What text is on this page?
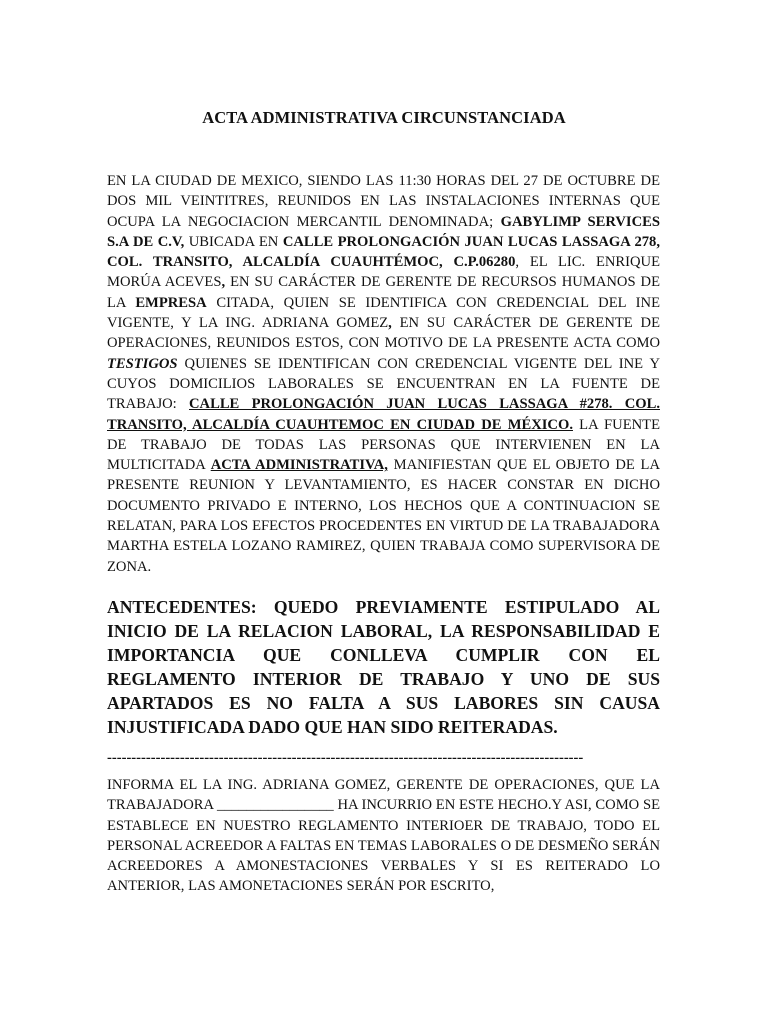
ACTA ADMINISTRATIVA CIRCUNSTANCIADA
EN LA CIUDAD DE MEXICO, SIENDO LAS 11:30 HORAS DEL 27 DE OCTUBRE DE DOS MIL VEINTITRES, REUNIDOS EN LAS INSTALACIONES INTERNAS QUE OCUPA LA NEGOCIACION MERCANTIL DENOMINADA; GABYLIMP SERVICES S.A DE C.V, UBICADA EN CALLE PROLONGACIÓN JUAN LUCAS LASSAGA 278, COL. TRANSITO, ALCALDÍA CUAUHTÉMOC, C.P.06280, EL LIC. ENRIQUE MORÚA ACEVES, EN SU CARÁCTER DE GERENTE DE RECURSOS HUMANOS DE LA EMPRESA CITADA, QUIEN SE IDENTIFICA CON CREDENCIAL DEL INE VIGENTE, Y LA ING. ADRIANA GOMEZ, EN SU CARÁCTER DE GERENTE DE OPERACIONES, REUNIDOS ESTOS, CON MOTIVO DE LA PRESENTE ACTA COMO TESTIGOS QUIENES SE IDENTIFICAN CON CREDENCIAL VIGENTE DEL INE Y CUYOS DOMICILIOS LABORALES SE ENCUENTRAN EN LA FUENTE DE TRABAJO: CALLE PROLONGACIÓN JUAN LUCAS LASSAGA #278. COL. TRANSITO, ALCALDÍA CUAUHTEMOC EN CIUDAD DE MÉXICO. LA FUENTE DE TRABAJO DE TODAS LAS PERSONAS QUE INTERVIENEN EN LA MULTICITADA ACTA ADMINISTRATIVA, MANIFIESTAN QUE EL OBJETO DE LA PRESENTE REUNION Y LEVANTAMIENTO, ES HACER CONSTAR EN DICHO DOCUMENTO PRIVADO E INTERNO, LOS HECHOS QUE A CONTINUACION SE RELATAN, PARA LOS EFECTOS PROCEDENTES EN VIRTUD DE LA TRABAJADORA MARTHA ESTELA LOZANO RAMIREZ, QUIEN TRABAJA COMO SUPERVISORA DE ZONA.
ANTECEDENTES: QUEDO PREVIAMENTE ESTIPULADO AL INICIO DE LA RELACION LABORAL, LA RESPONSABILIDAD E IMPORTANCIA QUE CONLLEVA CUMPLIR CON EL REGLAMENTO INTERIOR DE TRABAJO Y UNO DE SUS APARTADOS ES NO FALTA A SUS LABORES SIN CAUSA INJUSTIFICADA DADO QUE HAN SIDO REITERADAS.
--------------------------------------------------------------------------------------------------
INFORMA EL LA ING. ADRIANA GOMEZ, GERENTE DE OPERACIONES, QUE LA TRABAJADORA ________________ HA INCURRIO EN ESTE HECHO.Y ASI, COMO SE ESTABLECE EN NUESTRO REGLAMENTO INTERIOER DE TRABAJO, TODO EL PERSONAL ACREEDOR A FALTAS EN TEMAS LABORALES O DE DESMEÑO SERÁN ACREEDORES A AMONESTACIONES VERBALES Y SI ES REITERADO LO ANTERIOR, LAS AMONETACIONES SERÁN POR ESCRITO,
